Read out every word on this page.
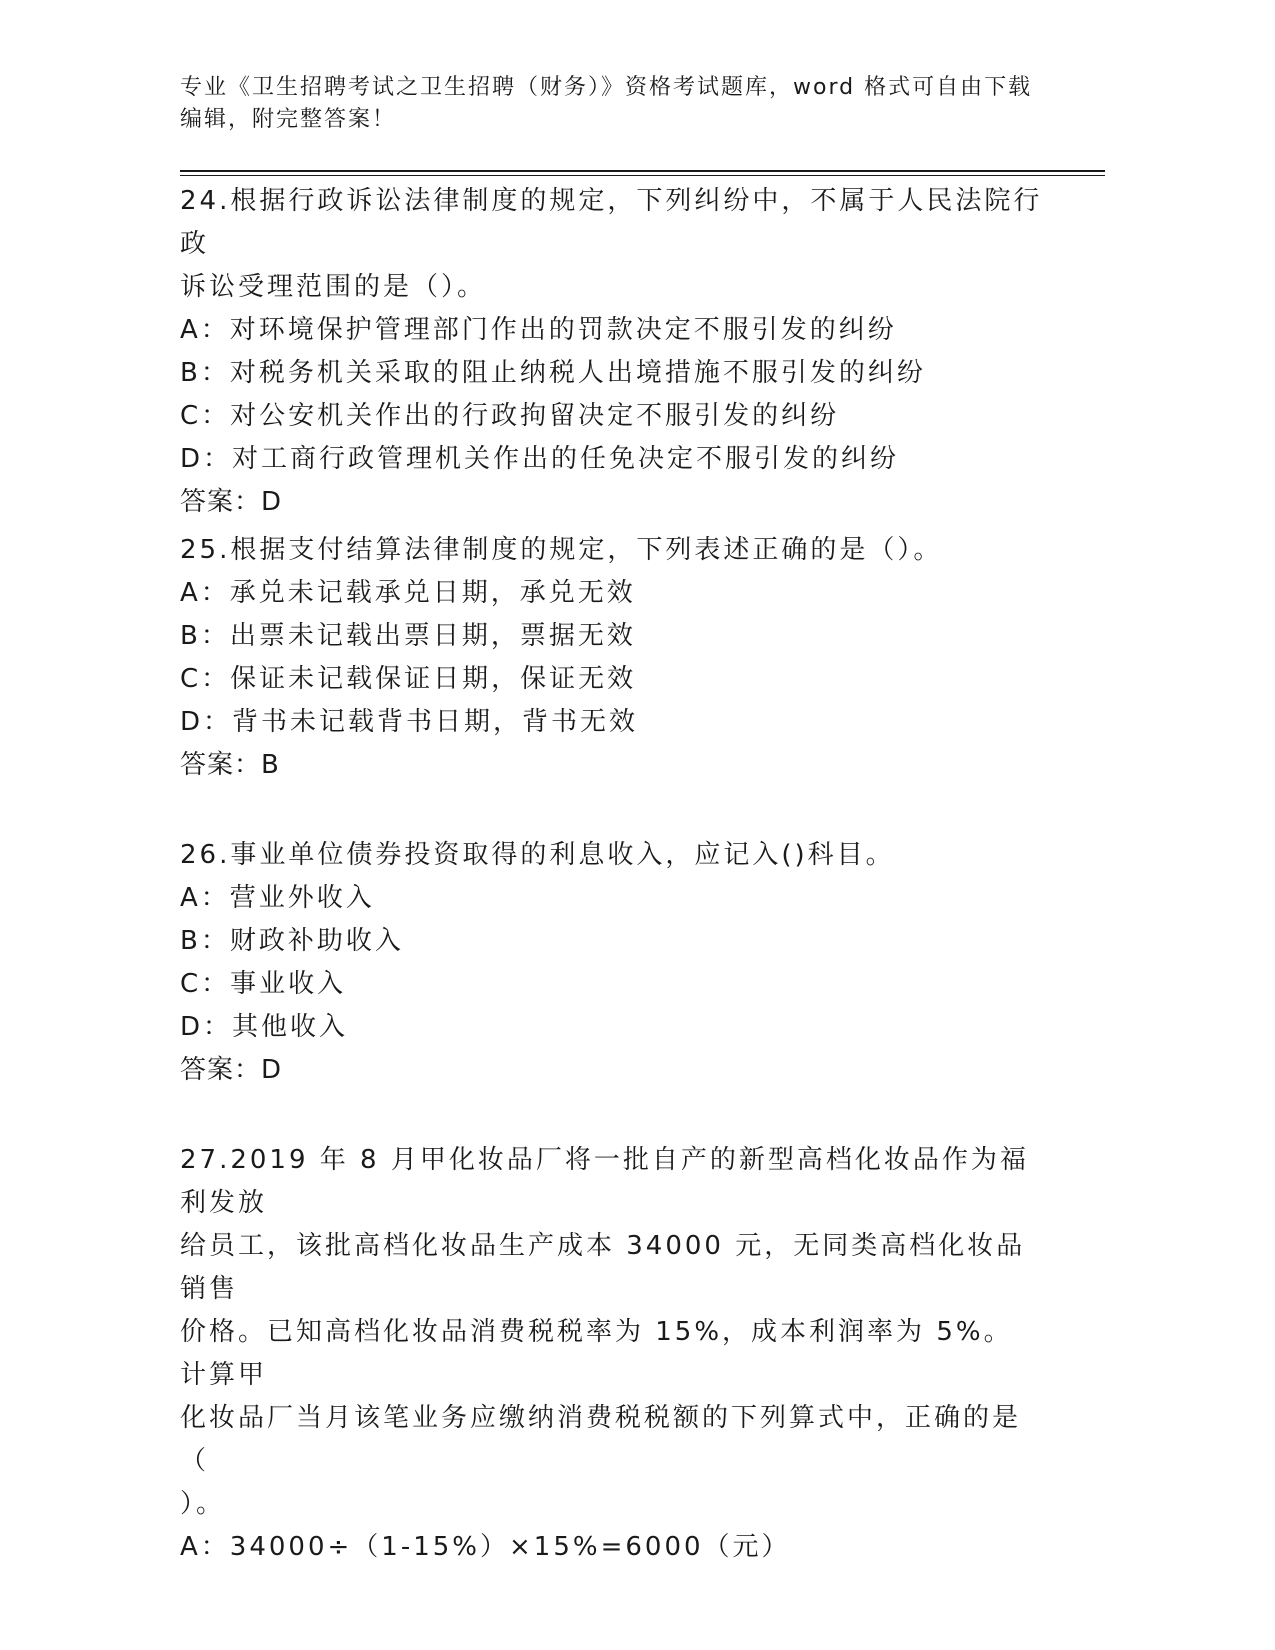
专业《卫生招聘考试之卫生招聘（财务）》资格考试题库，word 格式可自由下载
编辑，附完整答案！
24.根据行政诉讼法律制度的规定，下列纠纷中，不属于人民法院行政
诉讼受理范围的是（）。
A：对环境保护管理部门作出的罚款决定不服引发的纠纷
B：对税务机关采取的阻止纳税人出境措施不服引发的纠纷
C：对公安机关作出的行政拘留决定不服引发的纠纷
D：对工商行政管理机关作出的任免决定不服引发的纠纷
答案：D
25.根据支付结算法律制度的规定，下列表述正确的是（）。
A：承兑未记载承兑日期，承兑无效
B：出票未记载出票日期，票据无效
C：保证未记载保证日期，保证无效
D：背书未记载背书日期，背书无效
答案：B
26.事业单位债券投资取得的利息收入，应记入()科目。
A：营业外收入
B：财政补助收入
C：事业收入
D：其他收入
答案：D
27.2019 年 8 月甲化妆品厂将一批自产的新型高档化妆品作为福利发放
给员工，该批高档化妆品生产成本 34000 元，无同类高档化妆品销售
价格。已知高档化妆品消费税税率为 15%，成本利润率为 5%。计算甲
化妆品厂当月该笔业务应缴纳消费税税额的下列算式中，正确的是（
）。
A：34000÷（1-15%）×15%=6000（元）
